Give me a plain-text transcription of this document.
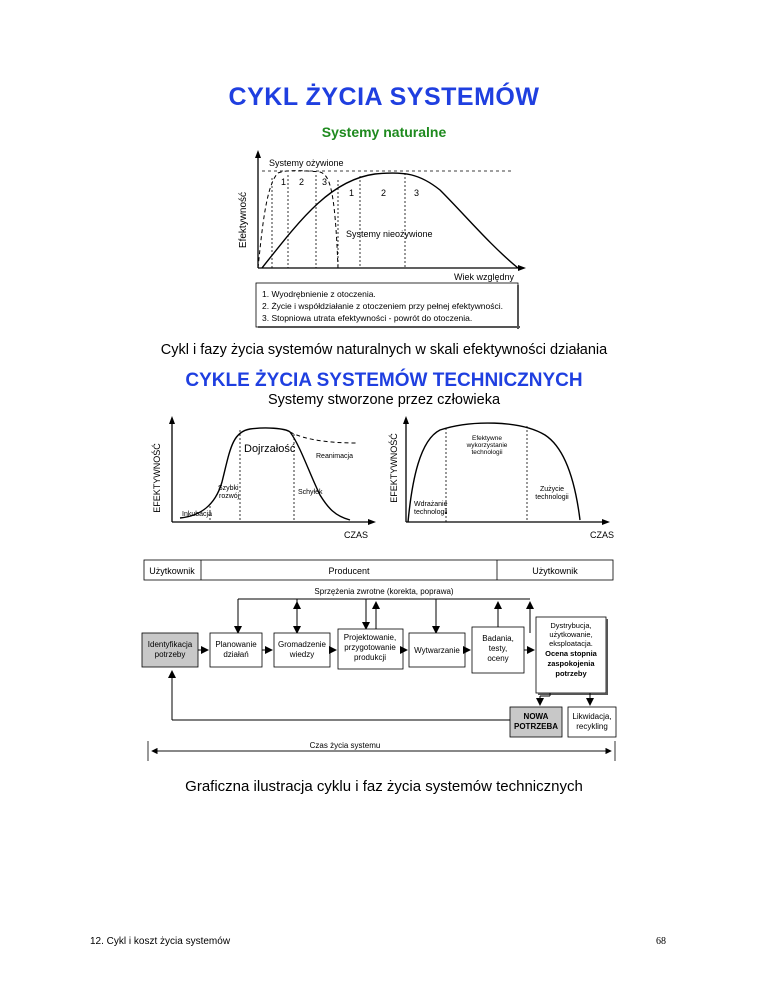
CYKL ŻYCIA SYSTEMÓW
Systemy naturalne
Efektywność
Wiek względny
Systemy ożywione
Systemy nieożywione
1 2 3
1	2	3
1. Wyodrębnienie z otoczenia.
2. Życie i współdziałanie z otoczeniem przy pełnej efektywności.
3. Stopniowa utrata efektywności - powrót do otoczenia.
Cykl i fazy życia systemów naturalnych w skali efektywności działania
CYKLE ŻYCIA SYSTEMÓW TECHNICZNYCH
Systemy stworzone przez człowieka
EFEKTYWNOŚĆ
CZAS
Dojrzałość
Reanimacja
Szybki
rozwój
Schyłek
Inkubacja
EFEKTYWNOŚĆ
CZAS
Efektywne
wykorzystanie
technologii
Zużycie
technologii
Wdrażanie
technologii
Użytkownik	Producent	Użytkownik
Sprzężenia zwrotne (korekta, poprawa)
Identyfikacja
potrzeby
Planowanie
działań
Gromadzenie
wiedzy
Projektowanie,
przygotowanie
produkcji
Wytwarzanie
Badania,
testy,
oceny
Dystrybucja,
użytkowanie,
eksploatacja.
Ocena stopnia
zaspokojenia
potrzeby
NOWA
POTRZEBA
Likwidacja,
recykling
Czas życia systemu
Graficzna ilustracja cyklu i faz życia systemów technicznych
12. Cykl i koszt życia systemów	68
